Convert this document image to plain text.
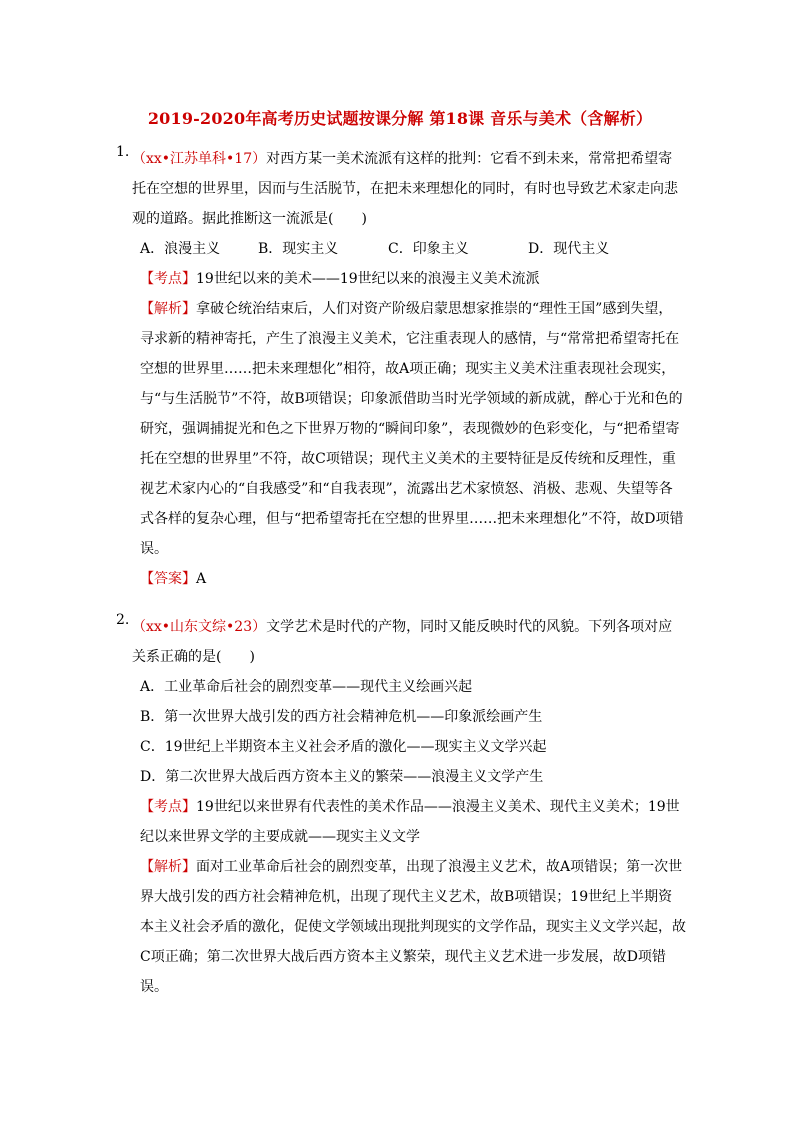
2019-2020年高考历史试题按课分解 第18课 音乐与美术（含解析）
1. （xx•江苏单科•17）对西方某一美术流派有这样的批判：它看不到未来，常常把希望寄托在空想的世界里，因而与生活脱节，在把未来理想化的同时，有时也导致艺术家走向悲观的道路。据此推断这一流派是(　　)
A．浪漫主义	B．现实主义	C．印象主义	D．现代主义
【考点】19世纪以来的美术——19世纪以来的浪漫主义美术流派
【解析】拿破仑统治结束后，人们对资产阶级启蒙思想家推崇的“理性王国”感到失望，寻求新的精神寄托，产生了浪漫主义美术，它注重表现人的感情，与“常常把希望寄托在空想的世界里……把未来理想化”相符，故A项正确；现实主义美术注重表现社会现实，与“与生活脱节”不符，故B项错误；印象派借助当时光学领域的新成就，醉心于光和色的研究，强调捕捉光和色之下世界万物的“瞬间印象”，表现微妙的色彩变化，与“把希望寄托在空想的世界里”不符，故C项错误；现代主义美术的主要特征是反传统和反理性，重视艺术家内心的“自我感受”和“自我表现”，流露出艺术家愤怒、消极、悲观、失望等各式各样的复杂心理，但与“把希望寄托在空想的世界里……把未来理想化”不符，故D项错误。
【答案】A
2. （xx•山东文综•23）文学艺术是时代的产物，同时又能反映时代的风貌。下列各项对应关系正确的是(　　)
A．工业革命后社会的剧烈变革——现代主义绘画兴起
B．第一次世界大战引发的西方社会精神危机——印象派绘画产生
C．19世纪上半期资本主义社会矛盾的激化——现实主义文学兴起
D．第二次世界大战后西方资本主义的繁荣——浪漫主义文学产生
【考点】19世纪以来世界有代表性的美术作品——浪漫主义美术、现代主义美术；19世纪以来世界文学的主要成就——现实主义文学
【解析】面对工业革命后社会的剧烈变革，出现了浪漫主义艺术，故A项错误；第一次世界大战引发的西方社会精神危机，出现了现代主义艺术，故B项错误；19世纪上半期资本主义社会矛盾的激化，促使文学领域出现批判现实的文学作品，现实主义文学兴起，故C项正确；第二次世界大战后西方资本主义繁荣，现代主义艺术进一步发展，故D项错误。
